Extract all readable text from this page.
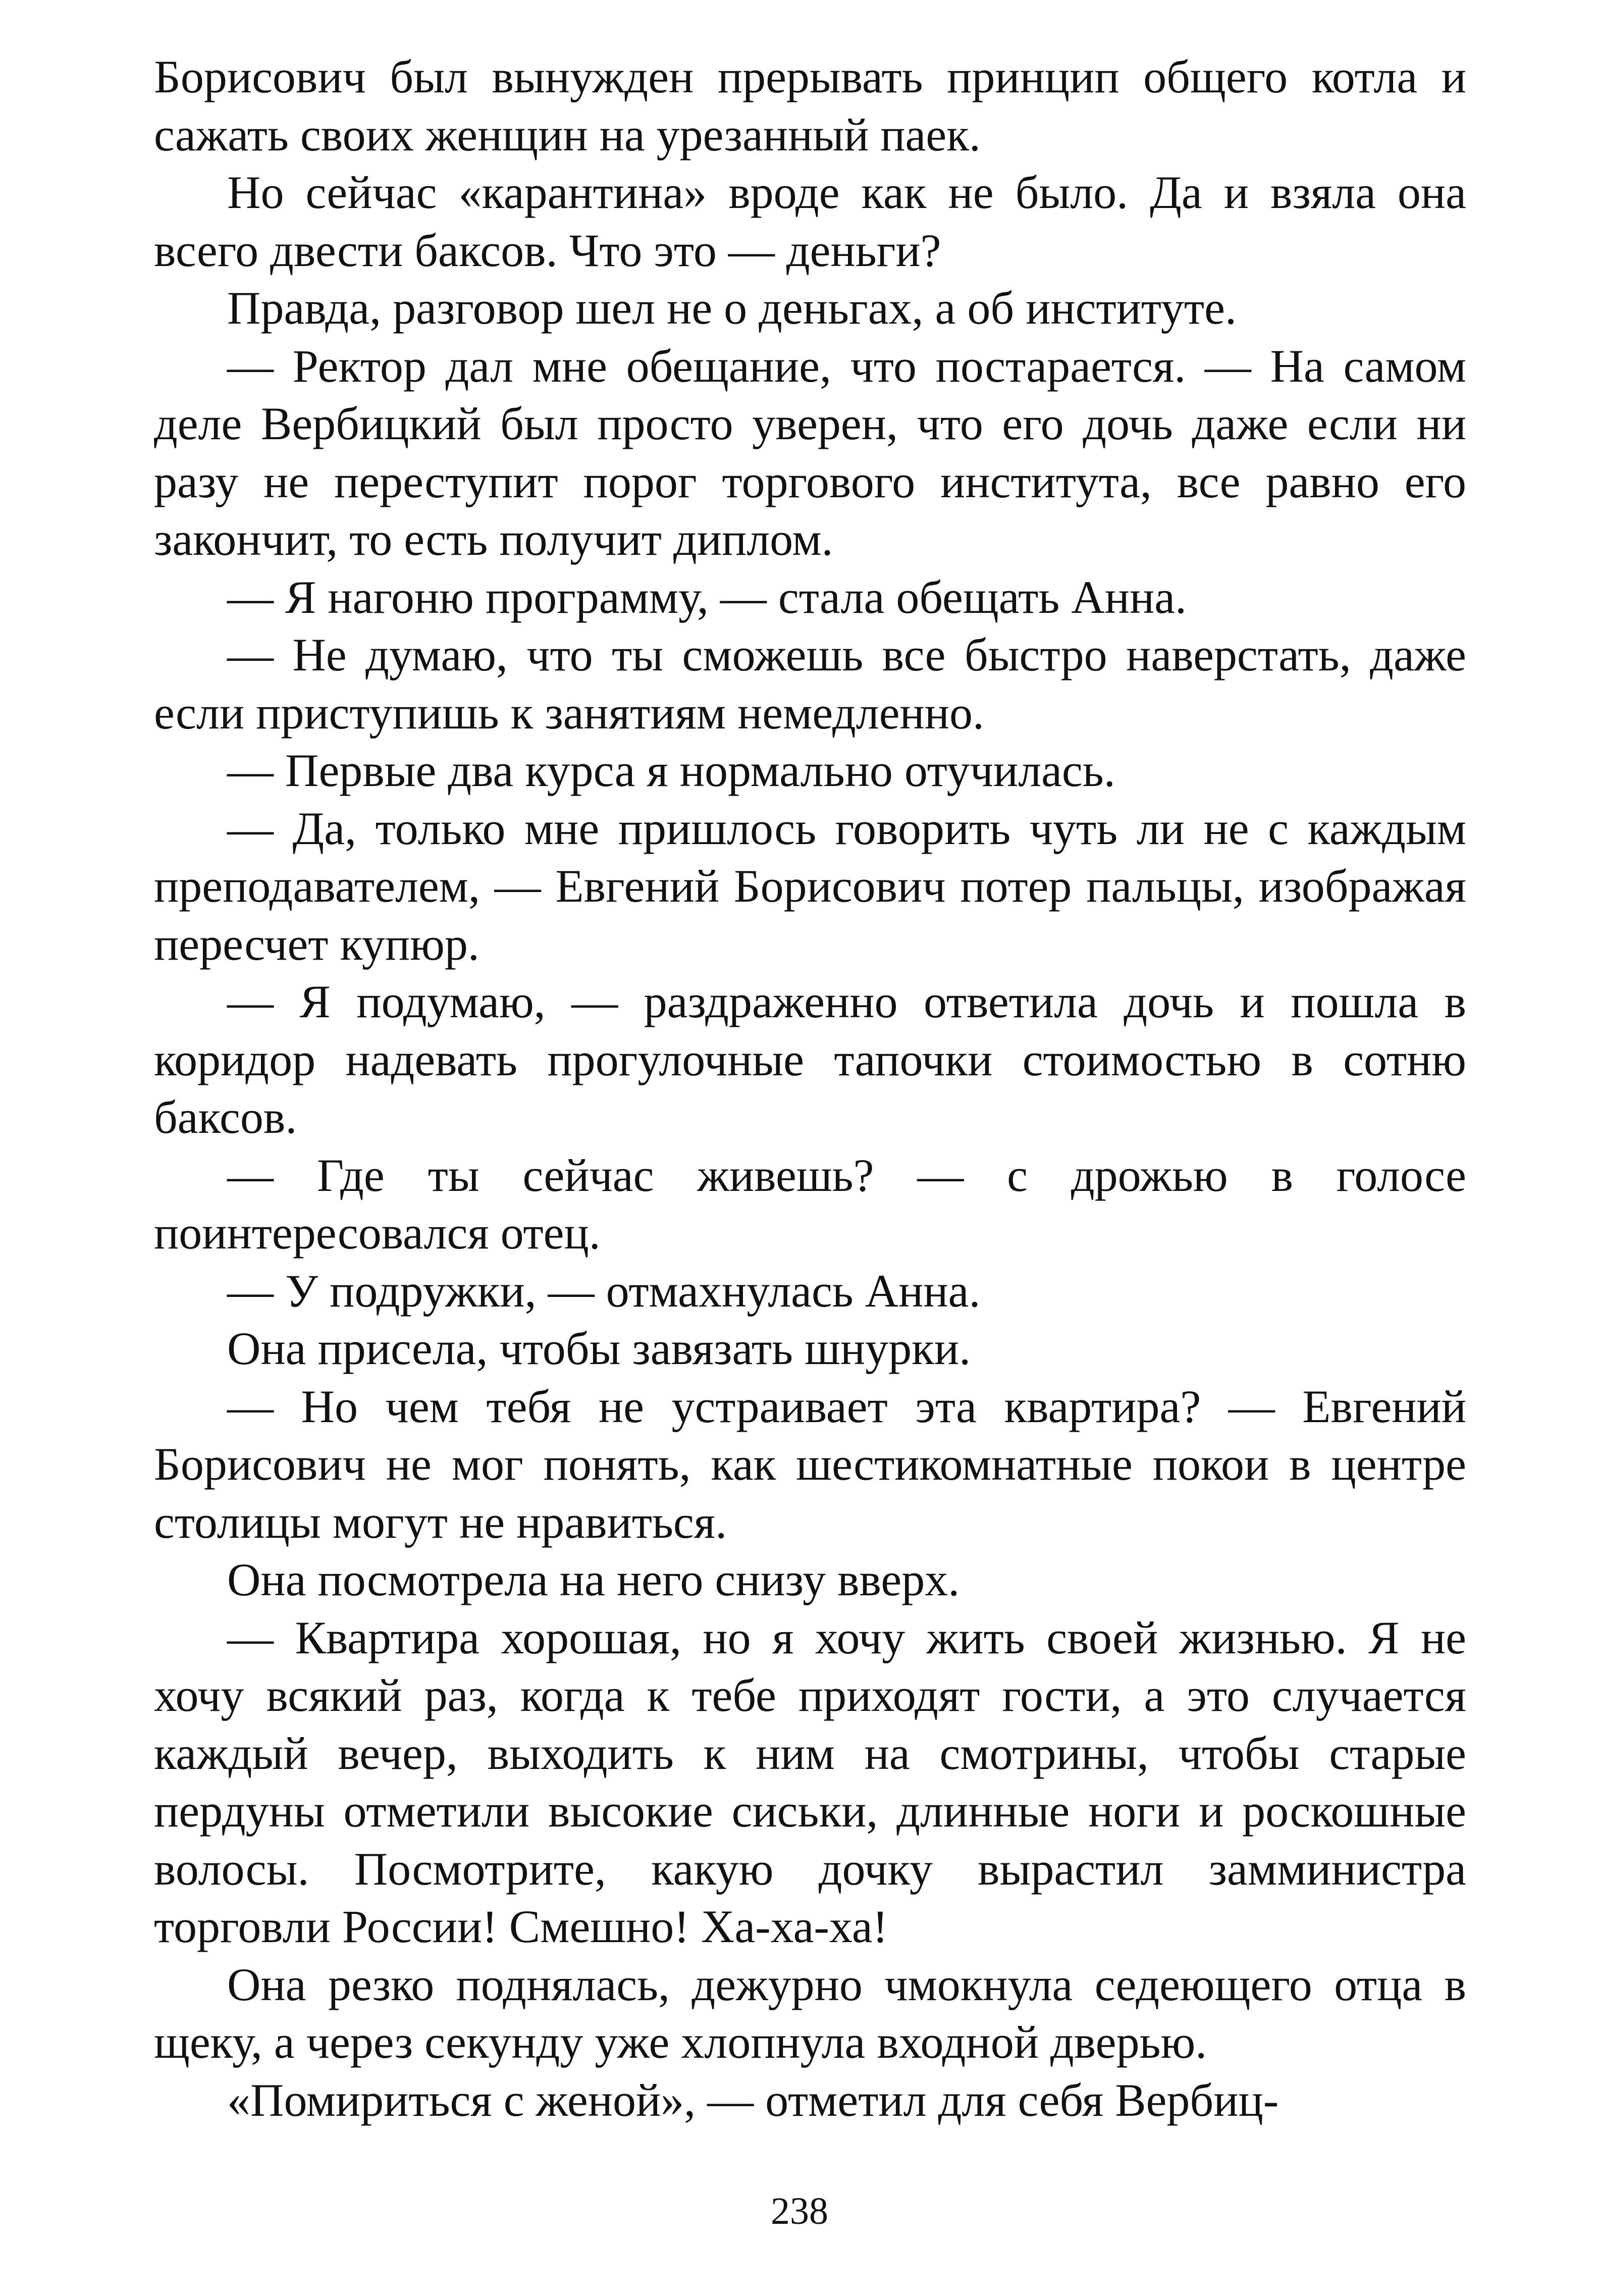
Борисович был вынужден прерывать принцип общего котла и сажать своих женщин на урезанный паек.

Но сейчас «карантина» вроде как не было. Да и взяла она всего двести баксов. Что это — деньги?

Правда, разговор шел не о деньгах, а об институте.

— Ректор дал мне обещание, что постарается. — На самом деле Вербицкий был просто уверен, что его дочь даже если ни разу не переступит порог торгового института, все равно его закончит, то есть получит диплом.

— Я нагоню программу, — стала обещать Анна.

— Не думаю, что ты сможешь все быстро наверстать, даже если приступишь к занятиям немедленно.

— Первые два курса я нормально отучилась.

— Да, только мне пришлось говорить чуть ли не с каждым преподавателем, — Евгений Борисович потер пальцы, изображая пересчет купюр.

— Я подумаю, — раздраженно ответила дочь и пошла в коридор надевать прогулочные тапочки стоимостью в сотню баксов.

— Где ты сейчас живешь? — с дрожью в голосе поинтересовался отец.

— У подружки, — отмахнулась Анна.

Она присела, чтобы завязать шнурки.

— Но чем тебя не устраивает эта квартира? — Евгений Борисович не мог понять, как шестикомнатные покои в центре столицы могут не нравиться.

Она посмотрела на него снизу вверх.

— Квартира хорошая, но я хочу жить своей жизнью. Я не хочу всякий раз, когда к тебе приходят гости, а это случается каждый вечер, выходить к ним на смотрины, чтобы старые пердуны отметили высокие сиськи, длинные ноги и роскошные волосы. Посмотрите, какую дочку вырастил замминистра торговли России! Смешно! Ха-ха-ха!

Она резко поднялась, дежурно чмокнула седеющего отца в щеку, а через секунду уже хлопнула входной дверью.

«Помириться с женой», — отметил для себя Вербиц-

238
